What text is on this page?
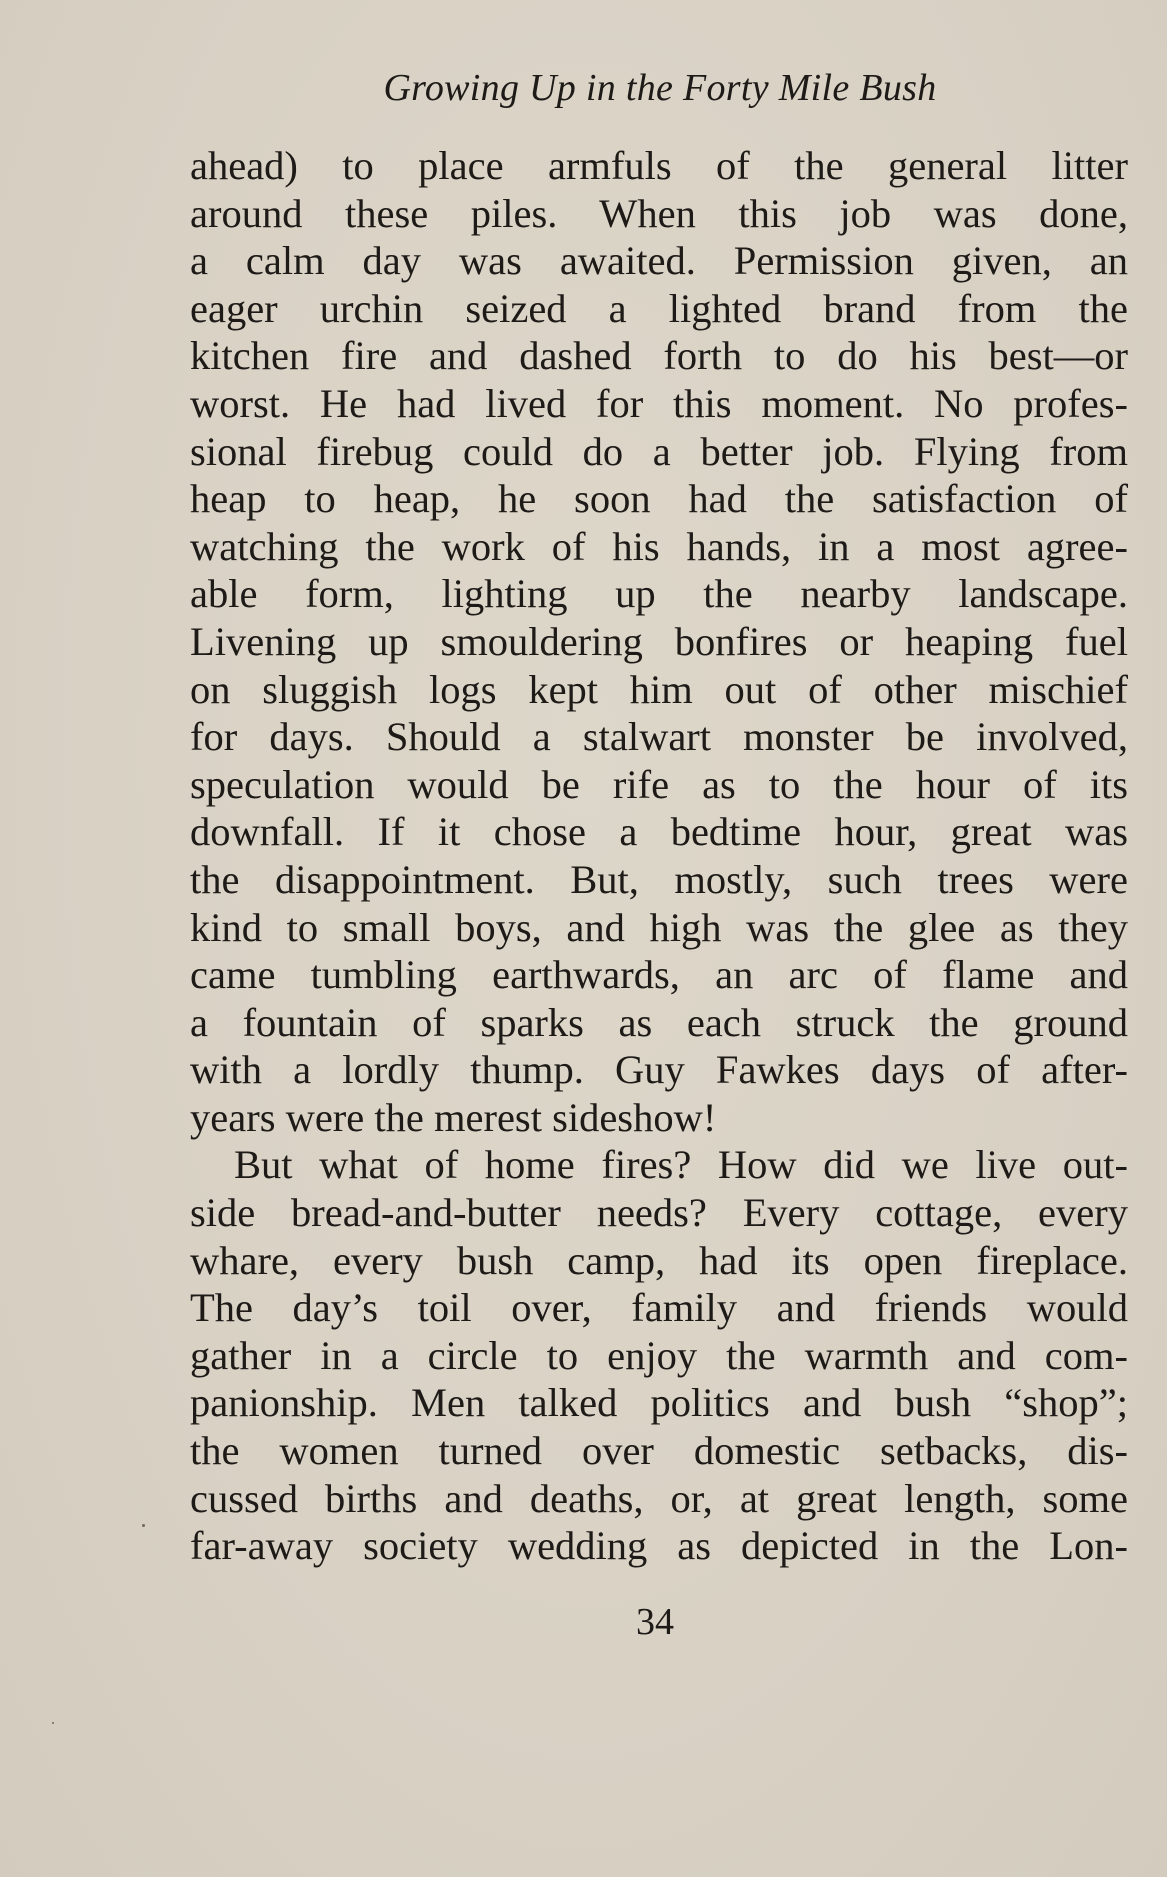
Growing Up in the Forty Mile Bush
ahead) to place armfuls of the general litter
around these piles. When this job was done,
a calm day was awaited. Permission given, an
eager urchin seized a lighted brand from the
kitchen fire and dashed forth to do his best—or
worst. He had lived for this moment. No profes-
sional firebug could do a better job. Flying from
heap to heap, he soon had the satisfaction of
watching the work of his hands, in a most agree-
able form, lighting up the nearby landscape.
Livening up smouldering bonfires or heaping fuel
on sluggish logs kept him out of other mischief
for days. Should a stalwart monster be involved,
speculation would be rife as to the hour of its
downfall. If it chose a bedtime hour, great was
the disappointment. But, mostly, such trees were
kind to small boys, and high was the glee as they
came tumbling earthwards, an arc of flame and
a fountain of sparks as each struck the ground
with a lordly thump. Guy Fawkes days of after-
years were the merest sideshow!
But what of home fires? How did we live out-
side bread-and-butter needs? Every cottage, every
whare, every bush camp, had its open fireplace.
The day’s toil over, family and friends would
gather in a circle to enjoy the warmth and com-
panionship. Men talked politics and bush “shop”;
the women turned over domestic setbacks, dis-
cussed births and deaths, or, at great length, some
far-away society wedding as depicted in the Lon-
34
